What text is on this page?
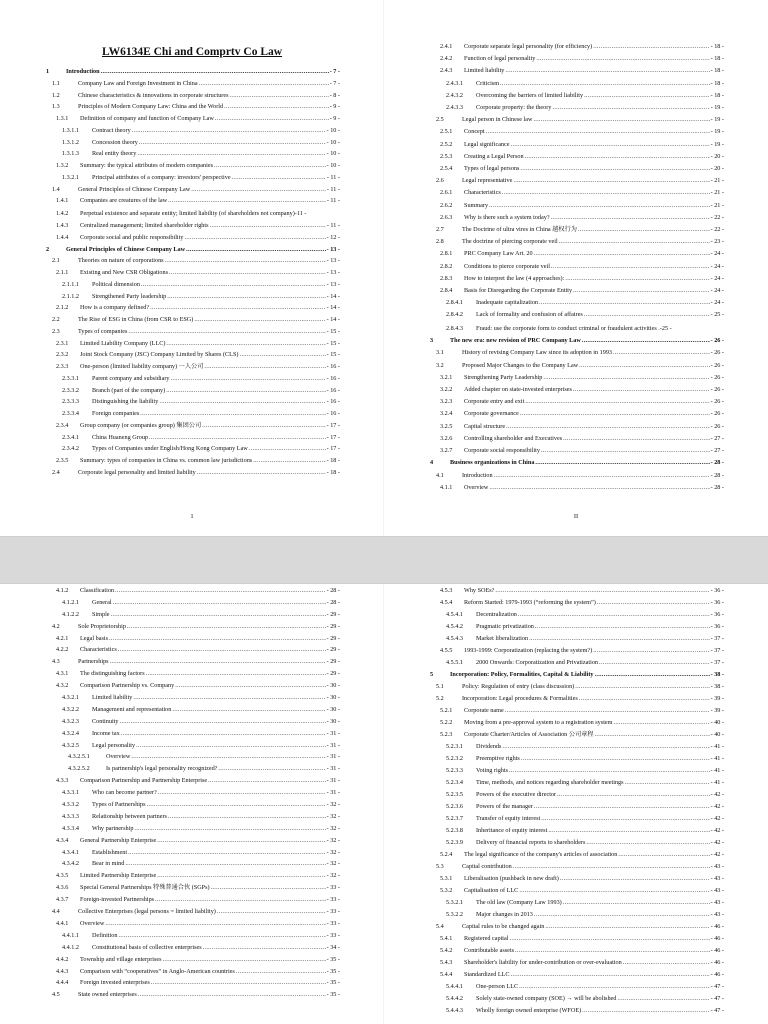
LW6134E Chi and Comprtv Co Law
1	Introduction .....	- 7 -
1.1	Company Law and Foreign Investment in China .....	- 7 -
1.2	Chinese characteristics & innovations in corporate structures .....	- 8 -
1.3	Principles of Modern Company Law: China and the World .....	- 9 -
1.3.1	Definition of company and function of Company Law .....	- 9 -
1.3.1.1	Contract theory .....	- 10 -
1.3.1.2	Concession theory .....	- 10 -
1.3.1.3	Real entity theory .....	- 10 -
1.3.2	Summary: the typical attributes of modern companies .....	- 10 -
1.3.2.1	Principal attributes of a company: investors' perspective .....	- 11 -
1.4	General Principles of Chinese Company Law .....	- 11 -
1.4.1	Companies are creatures of the law .....	- 11 -
1.4.2	Perpetual existence and separate entity; limited liability (of shareholders not company)- 11 -
1.4.3	Centralized management; limited shareholder rights .....	- 11 -
1.4.4	Corporate social and public responsibility .....	- 12 -
2	General Principles of Chinese Company Law .....	- 13 -
2.1	Theories on nature of corporations .....	- 13 -
2.1.1	Existing and New CSR Obligations .....	- 13 -
2.1.1.1	Political dimension .....	- 13 -
2.1.1.2	Strengthened Party leadership .....	- 14 -
2.1.2	How is a company defined? .....	- 14 -
2.2	The Rise of ESG in China (from CSR to ESG) .....	- 14 -
2.3	Types of companies .....	- 15 -
2.3.1	Limited Liability Company (LLC) .....	- 15 -
2.3.2	Joint Stock Company (JSC) Company Limited by Shares (CLS) .....	- 15 -
2.3.3	One-person (limited liability company) 一人公司 .....	- 16 -
2.3.3.1	Parent company and subsidiary .....	- 16 -
2.3.3.2	Branch (part of the company) .....	- 16 -
2.3.3.3	Distinguishing the liability .....	- 16 -
2.3.3.4	Foreign companies .....	- 16 -
2.3.4	Group company (or companies group) 集团公司 .....	- 17 -
2.3.4.1	China Huaneng Group .....	- 17 -
2.3.4.2	Types of Companies under English/Hong Kong Company Law .....	- 17 -
2.3.5	Summary: types of companies in China vs. common law jurisdictions .....	- 18 -
2.4	Corporate legal personality and limited liability .....	- 18 -
1
2.4.1	Corporate separate legal personality (for efficiency) .....	- 18 -
2.4.2	Function of legal personality .....	- 18 -
2.4.3	Limited liability .....	- 18 -
2.4.3.1	Criticism .....	- 18 -
2.4.3.2	Overcoming the barriers of limited liability .....	- 18 -
2.4.3.3	Corporate property: the theory .....	- 19 -
2.5	Legal person in Chinese law .....	- 19 -
2.5.1	Concept .....	- 19 -
2.5.2	Legal significance .....	- 19 -
2.5.3	Creating a Legal Person .....	- 20 -
2.5.4	Types of legal persons .....	- 20 -
2.6	Legal representative .....	- 21 -
2.6.1	Characteristics .....	- 21 -
2.6.2	Summary .....	- 21 -
2.6.3	Why is there such a system today? .....	- 22 -
2.7	The Doctrine of ultra vires in China 越权行为 .....	- 22 -
2.8	The doctrine of piercing corporate veil .....	- 23 -
2.8.1	PRC Company Law Art. 20 .....	- 24 -
2.8.2	Conditions to pierce corporate veil .....	- 24 -
2.8.3	How to interpret the law (4 approaches): .....	- 24 -
2.8.4	Basis for Disregarding the Corporate Entity .....	- 24 -
2.8.4.1	Inadequate capitalization .....	- 24 -
2.8.4.2	Lack of formality and confusion of affaires .....	- 25 -
2.8.4.3	Fraud: use the corporate form to conduct criminal or fraudulent activities .- 25 -
3	The new era: new revision of PRC Company Law .....	- 26 -
3.1	History of revising Company Law since its adoption in 1993 .....	- 26 -
3.2	Proposed Major Changes to the Company Law .....	- 26 -
3.2.1	Strengthening Party Leadership .....	- 26 -
3.2.2	Added chapter on state-invested enterprises .....	- 26 -
3.2.3	Corporate entry and exit .....	- 26 -
3.2.4	Corporate governance .....	- 26 -
3.2.5	Capital structure .....	- 26 -
3.2.6	Controlling shareholder and Executives .....	- 27 -
3.2.7	Corporate social responsibility .....	- 27 -
4	Business organizations in China .....	- 28 -
4.1	Introduction .....	- 28 -
4.1.1	Overview .....	- 28 -
II
4.1.2	Classification .....	- 28 -
4.1.2.1	General .....	- 28 -
4.1.2.2	Simple .....	- 29 -
4.2	Sole Proprietorship .....	- 29 -
4.2.1	Legal basis .....	- 29 -
4.2.2	Characteristics .....	- 29 -
4.3	Partnerships .....	- 29 -
4.3.1	The distinguishing factors .....	- 29 -
4.3.2	Comparison Partnership vs. Company .....	- 30 -
4.3.2.1	Limited liability .....	- 30 -
4.3.2.2	Management and representation .....	- 30 -
4.3.2.3	Continuity .....	- 30 -
4.3.2.4	Income tax .....	- 31 -
4.3.2.5	Legal personality .....	- 31 -
4.3.2.5.1	Overview .....	- 31 -
4.3.2.5.2	Is partnership's legal personality recognized? .....	- 31 -
4.3.3	Comparison Partnership and Partnership Enterprise .....	- 31 -
4.3.3.1	Who can become partner? .....	- 31 -
4.3.3.2	Types of Partnerships .....	- 32 -
4.3.3.3	Relationship between partners .....	- 32 -
4.3.3.4	Why partnership .....	- 32 -
4.3.4	General Partnership Enterprise .....	- 32 -
4.3.4.1	Establishment .....	- 32 -
4.3.4.2	Bear in mind .....	- 32 -
4.3.5	Limited Partnership Enterprise .....	- 32 -
4.3.6	Special General Partnerships 特殊普通合伙 (SGPs) .....	- 33 -
4.3.7	Foreign-invested Partnerships .....	- 33 -
4.4	Collective Enterprises (legal persons = limited liability) .....	- 33 -
4.4.1	Overview .....	- 33 -
4.4.1.1	Definition .....	- 33 -
4.4.1.2	Constitutional basis of collective enterprises .....	- 34 -
4.4.2	Township and village enterprises .....	- 35 -
4.4.3	Comparison with “cooperatives” in Anglo-American countries .....	- 35 -
4.4.4	Foreign invested enterprises .....	- 35 -
4.5	State owned enterprises .....	- 35 -
4.5.3	Why SOEs? .....	- 36 -
4.5.4	Reform Started: 1979-1993 (“reforming the system”) .....	- 36 -
4.5.4.1	Decentralization .....	- 36 -
4.5.4.2	Pragmatic privatization .....	- 36 -
4.5.4.3	Market liberalization .....	- 37 -
4.5.5	1993-1999: Corporatization (replacing the system?) .....	- 37 -
4.5.5.1	2000 Onwards: Corporatization and Privatization .....	- 37 -
5	Incorporation: Policy, Formalities, Capital & Liability .....	- 38 -
5.1	Policy: Regulation of entry (class discussion) .....	- 38 -
5.2	Incorporation: Legal procedures & Formalities .....	- 39 -
5.2.1	Corporate name .....	- 39 -
5.2.2	Moving from a pre-approval system to a registration system .....	- 40 -
5.2.3	Corporate Charter/Articles of Association 公司章程 .....	- 40 -
5.2.3.1	Dividends .....	- 41 -
5.2.3.2	Preemptive rights .....	- 41 -
5.2.3.3	Voting rights .....	- 41 -
5.2.3.4	Time, methods, and notices regarding shareholder meetings .....	- 41 -
5.2.3.5	Powers of the executive director .....	- 42 -
5.2.3.6	Powers of the manager .....	- 42 -
5.2.3.7	Transfer of equity interest .....	- 42 -
5.2.3.8	Inheritance of equity interest .....	- 42 -
5.2.3.9	Delivery of financial reports to shareholders .....	- 42 -
5.2.4	The legal significance of the company's articles of association .....	- 42 -
5.3	Capital contribution .....	- 43 -
5.3.1	Liberalisation (pushback in new draft) .....	- 43 -
5.3.2	Capitalisation of LLC .....	- 43 -
5.3.2.1	The old law (Company Law 1993) .....	- 43 -
5.3.2.2	Major changes in 2013 .....	- 43 -
5.4	Capital rules to be changed again .....	- 46 -
5.4.1	Registered capital .....	- 46 -
5.4.2	Contributable assets .....	- 46 -
5.4.3	Shareholder's liability for under-contribution or over-evaluation .....	- 46 -
5.4.4	Standardized LLC .....	- 46 -
5.4.4.1	One-person LLC .....	- 47 -
5.4.4.2	Solely state-owned company (SOE) → will be abolished .....	- 47 -
5.4.4.3	Wholly foreign owned enterprise (WFOE) .....	- 47 -
